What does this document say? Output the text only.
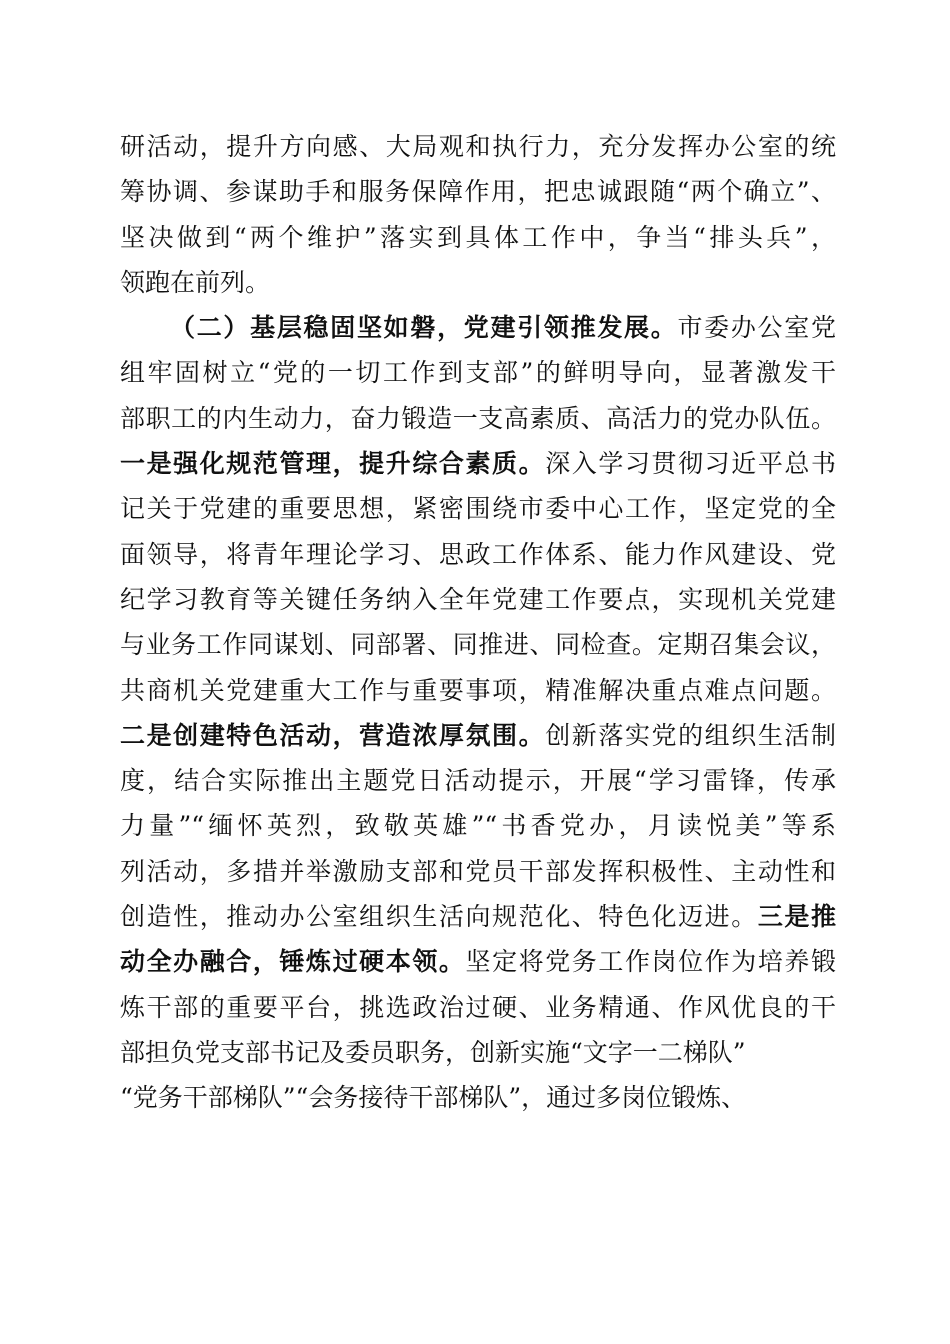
研活动，提升方向感、大局观和执行力，充分发挥办公室的统
筹协调、参谋助手和服务保障作用，把忠诚跟随“两个确立”、
坚决做到“两个维护”落实到具体工作中，争当“排头兵”，
领跑在前列。
（二）基层稳固坚如磐，党建引领推发展。市委办公室党
组牢固树立“党的一切工作到支部”的鲜明导向，显著激发干
部职工的内生动力，奋力锻造一支高素质、高活力的党办队伍。
一是强化规范管理，提升综合素质。深入学习贯彻习近平总书
记关于党建的重要思想，紧密围绕市委中心工作，坚定党的全
面领导，将青年理论学习、思政工作体系、能力作风建设、党
纪学习教育等关键任务纳入全年党建工作要点，实现机关党建
与业务工作同谋划、同部署、同推进、同检查。定期召集会议，
共商机关党建重大工作与重要事项，精准解决重点难点问题。
二是创建特色活动，营造浓厚氛围。创新落实党的组织生活制
度，结合实际推出主题党日活动提示，开展“学习雷锋，传承
力量”“缅怀英烈，致敬英雄”“书香党办，月读悦美”等系
列活动，多措并举激励支部和党员干部发挥积极性、主动性和
创造性，推动办公室组织生活向规范化、特色化迈进。三是推
动全办融合，锤炼过硬本领。坚定将党务工作岗位作为培养锻
炼干部的重要平台，挑选政治过硬、业务精通、作风优良的干
部担负党支部书记及委员职务，创新实施“文字一二梯队”
“党务干部梯队”“会务接待干部梯队”，通过多岗位锻炼、
